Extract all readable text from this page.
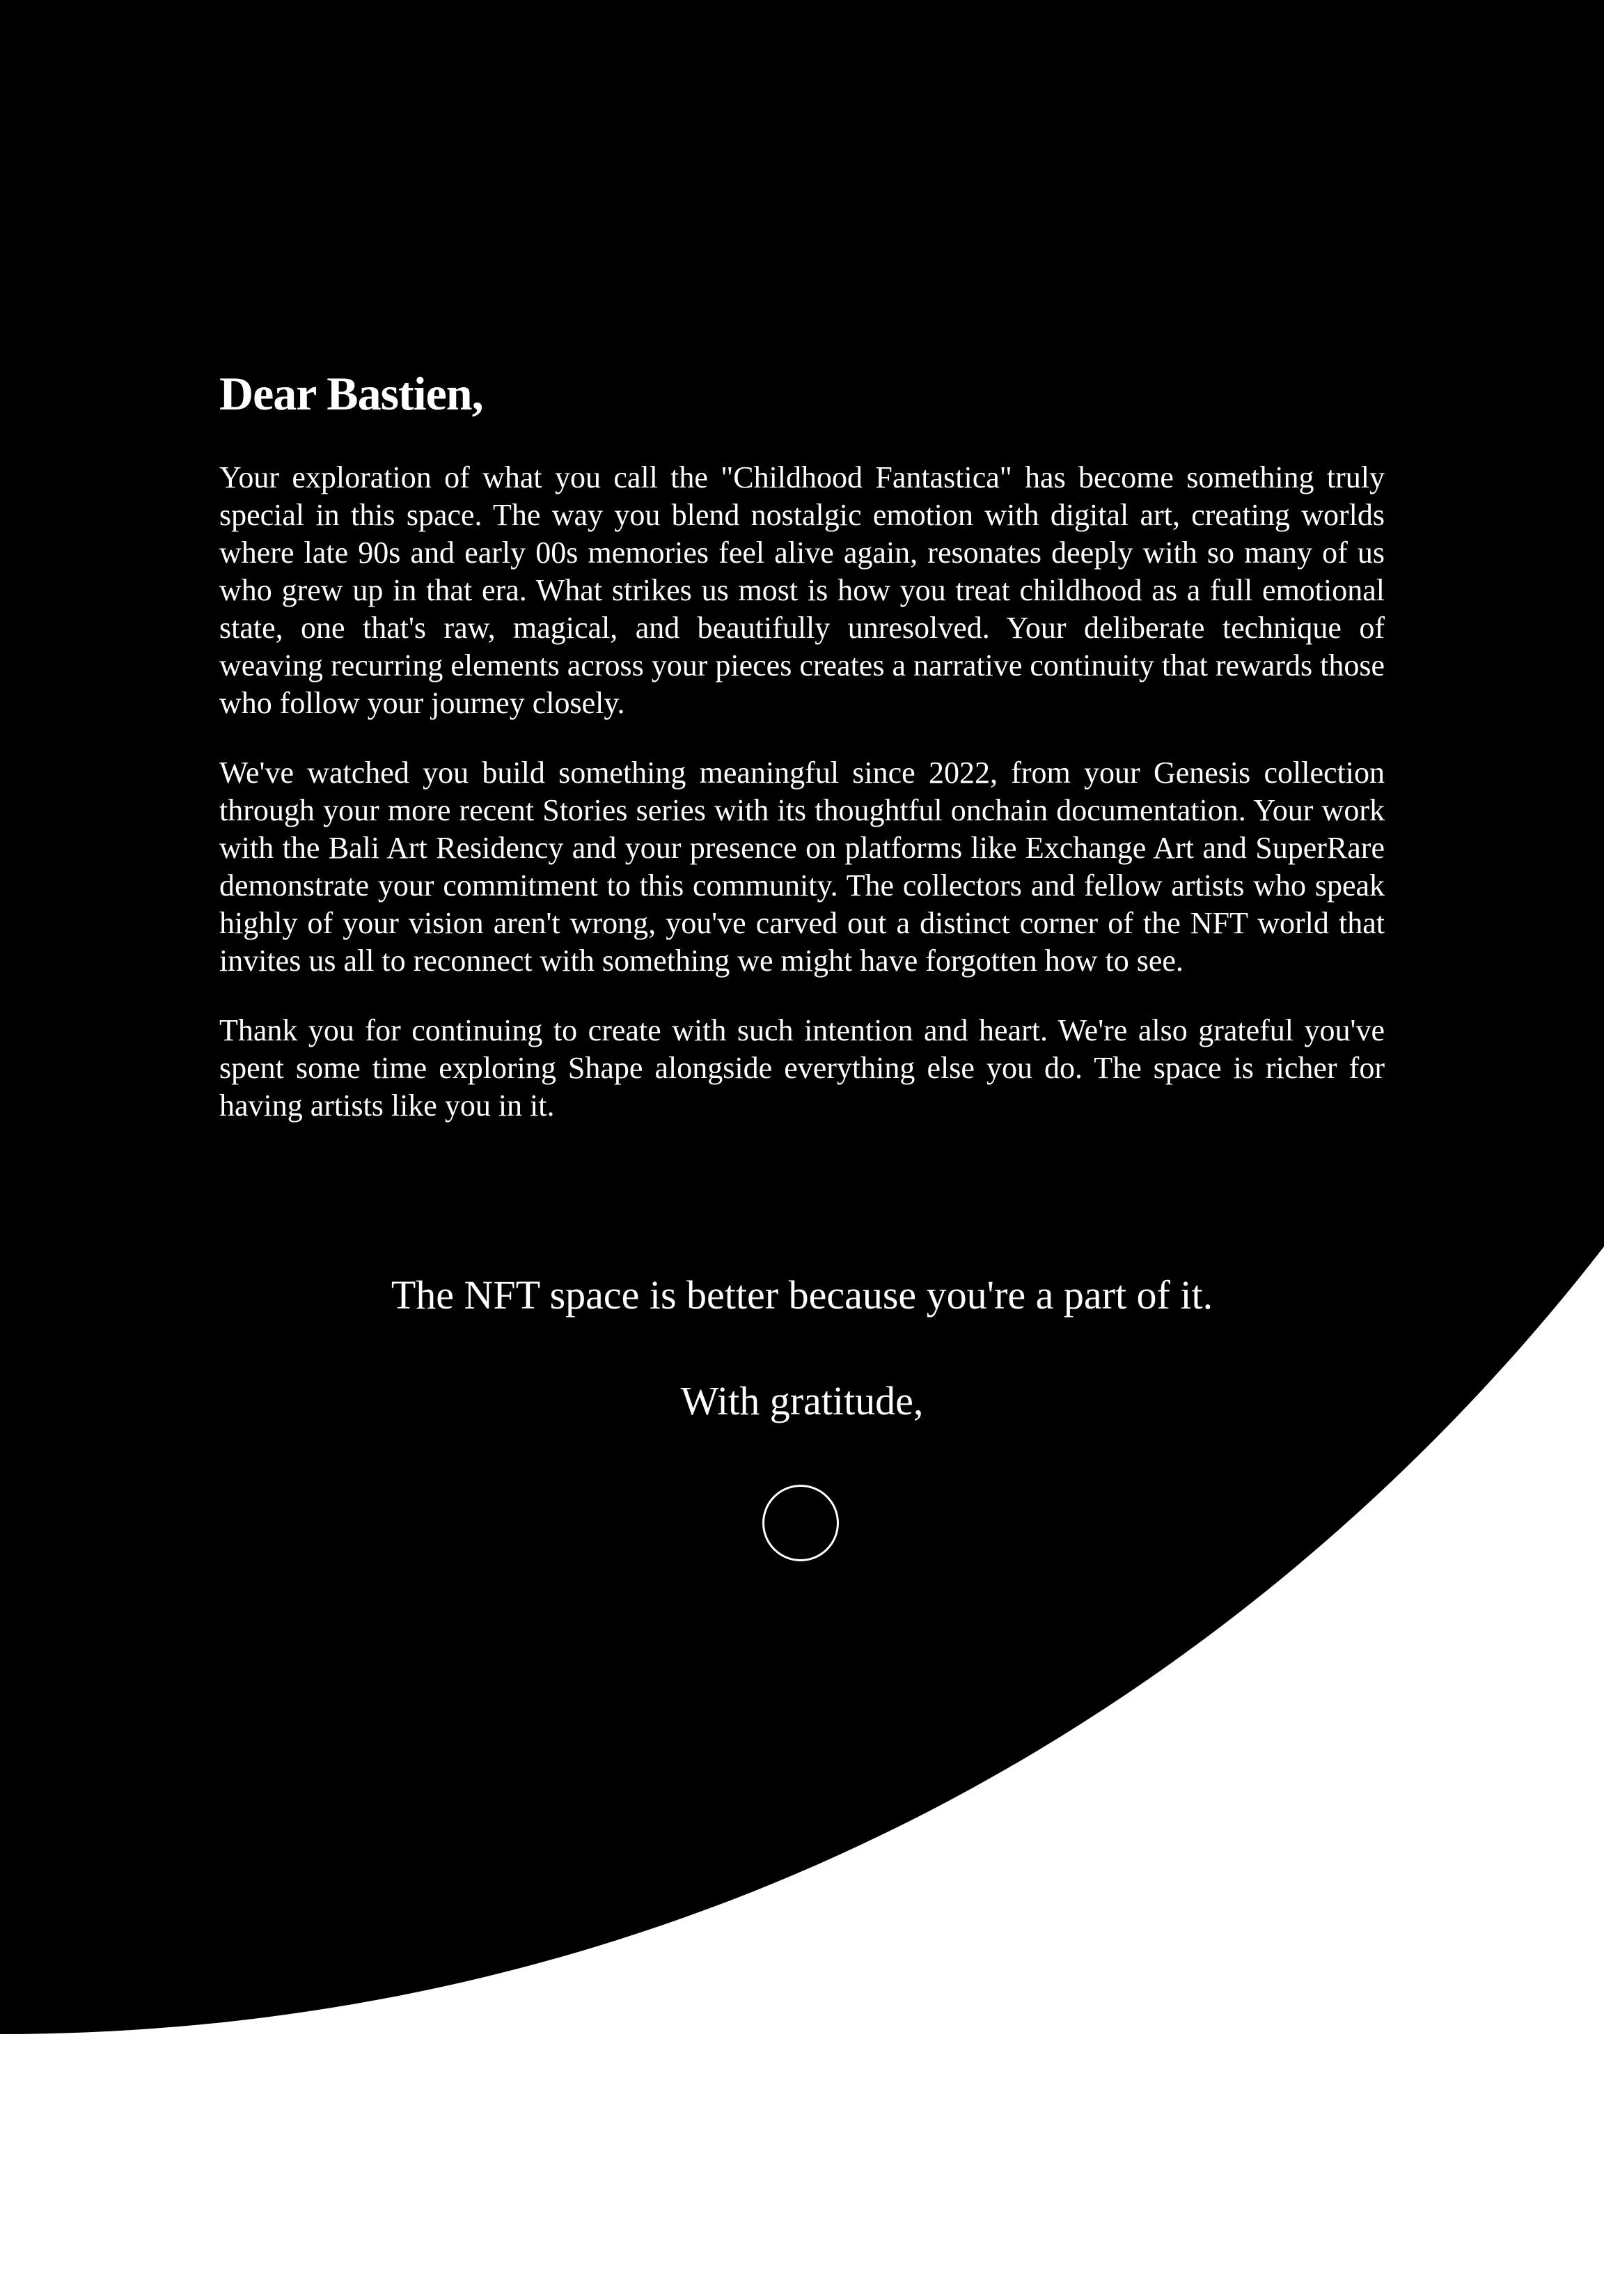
Dear Bastien,

Your exploration of what you call the "Childhood Fantastica" has become something truly special in this space. The way you blend nostalgic emotion with digital art, creating worlds where late 90s and early 00s memories feel alive again, resonates deeply with so many of us who grew up in that era. What strikes us most is how you treat childhood as a full emotional state, one that's raw, magical, and beautifully unresolved. Your deliberate technique of weaving recurring elements across your pieces creates a narrative continuity that rewards those who follow your journey closely.

We've watched you build something meaningful since 2022, from your Genesis collection through your more recent Stories series with its thoughtful onchain documentation. Your work with the Bali Art Residency and your presence on platforms like Exchange Art and SuperRare demonstrate your commitment to this community. The collectors and fellow artists who speak highly of your vision aren't wrong, you've carved out a distinct corner of the NFT world that invites us all to reconnect with something we might have forgotten how to see.

Thank you for continuing to create with such intention and heart. We're also grateful you've spent some time exploring Shape alongside everything else you do. The space is richer for having artists like you in it.

The NFT space is better because you're a part of it.
With gratitude,
